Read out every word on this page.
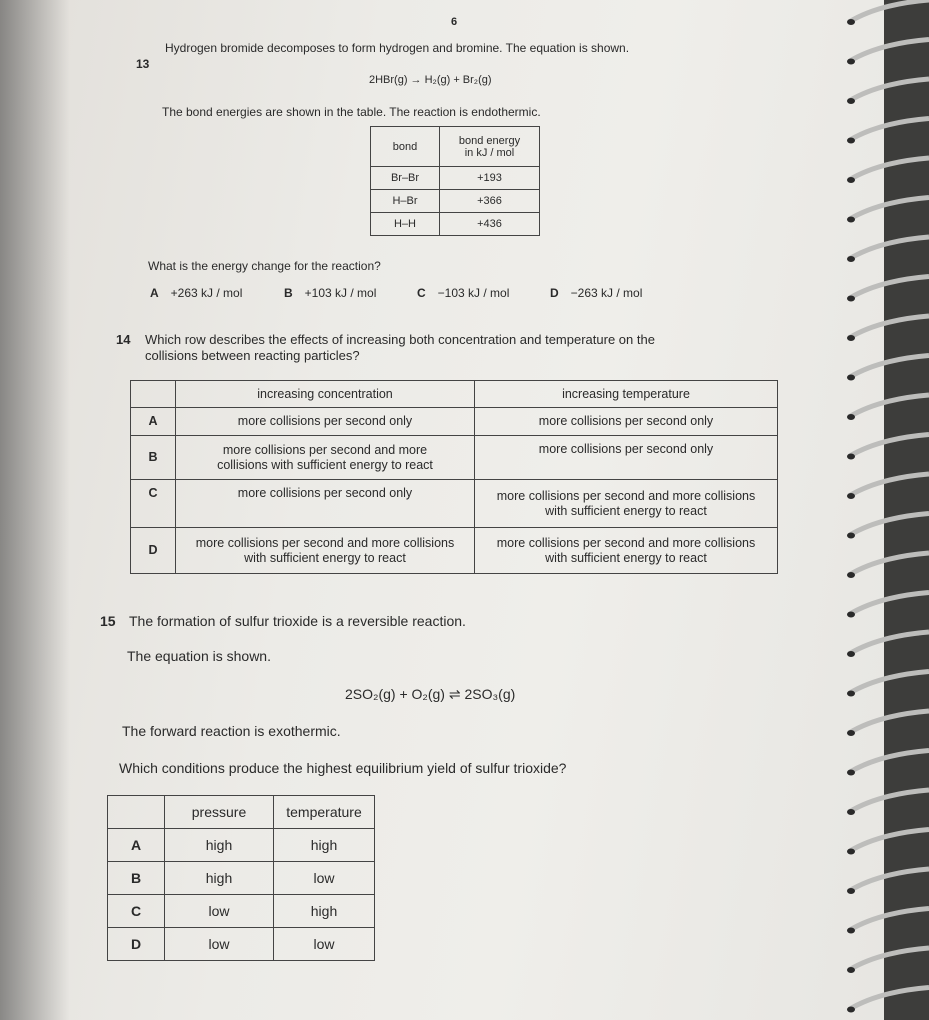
6
13
Hydrogen bromide decomposes to form hydrogen and bromine. The equation is shown.
2HBr(g) → H₂(g) + Br₂(g)
The bond energies are shown in the table. The reaction is endothermic.
bond	bond energy
in kJ / mol

Br–Br	+193
H–Br	+366
H–H	+436
What is the energy change for the reaction?
A +263 kJ / mol	B +103 kJ / mol	C −103 kJ / mol	D −263 kJ / mol
14 Which row describes the effects of increasing both concentration and temperature on the
collisions between reacting particles?
	increasing concentration	increasing temperature
A	more collisions per second only	more collisions per second only
B	more collisions per second and more collisions with sufficient energy to react	more collisions per second only
C	more collisions per second only	more collisions per second and more collisions with sufficient energy to react
D	more collisions per second and more collisions with sufficient energy to react	more collisions per second and more collisions with sufficient energy to react
15 The formation of sulfur trioxide is a reversible reaction.
The equation is shown.
2SO₂(g) + O₂(g) ⇌ 2SO₃(g)
The forward reaction is exothermic.
Which conditions produce the highest equilibrium yield of sulfur trioxide?
	pressure	temperature
A	high	high
B	high	low
C	low	high
D	low	low
